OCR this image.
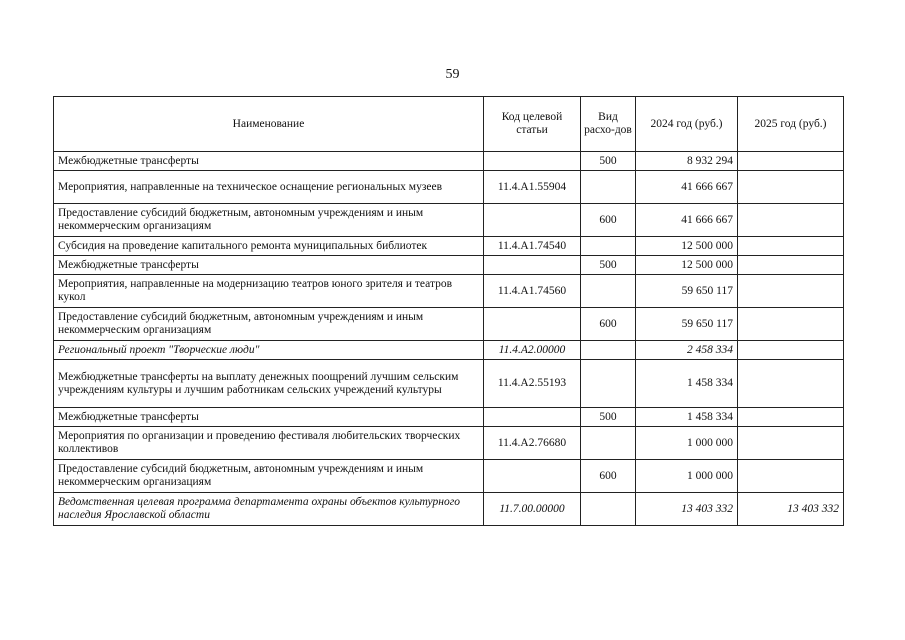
59
Наименование	Код целевой статьи	Вид расхо-дов	2024 год (руб.)	2025 год (руб.)
Межбюджетные трансферты		500	8 932 294	
Мероприятия, направленные на техническое оснащение региональных музеев	11.4.А1.55904		41 666 667	
Предоставление субсидий бюджетным, автономным учреждениям и иным некоммерческим организациям		600	41 666 667	
Субсидия на проведение капитального ремонта муниципальных библиотек	11.4.А1.74540		12 500 000	
Межбюджетные трансферты		500	12 500 000	
Мероприятия, направленные на модернизацию театров юного зрителя и театров кукол	11.4.А1.74560		59 650 117	
Предоставление субсидий бюджетным, автономным учреждениям и иным некоммерческим организациям		600	59 650 117	
Региональный проект "Творческие люди"	11.4.А2.00000		2 458 334	
Межбюджетные трансферты на выплату денежных поощрений лучшим сельским учреждениям культуры и лучшим работникам сельских учреждений культуры	11.4.А2.55193		1 458 334	
Межбюджетные трансферты		500	1 458 334	
Мероприятия по организации и проведению фестиваля любительских творческих коллективов	11.4.А2.76680		1 000 000	
Предоставление субсидий бюджетным, автономным учреждениям и иным некоммерческим организациям		600	1 000 000	
Ведомственная целевая программа департамента охраны объектов культурного наследия Ярославской области	11.7.00.00000		13 403 332	13 403 332
